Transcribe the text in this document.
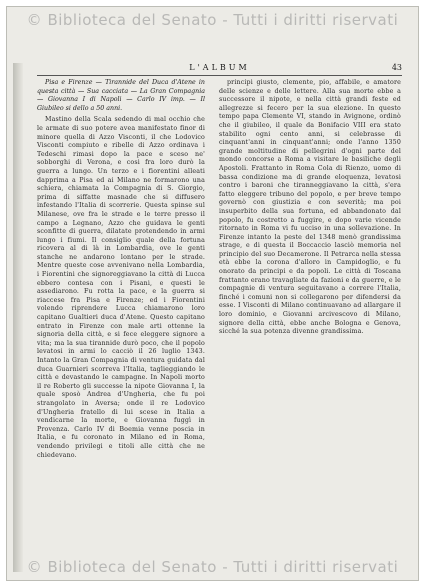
© Biblioteca del Senato - Tutti i diritti riservati
L'ALBUM	43

Pisa e Firenze — Tirannide del Duca d'Atene in questa città — Sua cacciata — La Gran Compagnia — Giovanna I di Napoli — Carlo IV imp. — Il Giubileo si dello a 50 anni.

Mastino della Scala sedendo di mal occhio che le armate di suo potere avea manifestato finor di minore quella di Azzo Visconti, il che Lodovico Visconti compiuto e ribelle di Azzo ordinava i Tedeschi rimasi dopo la pace e sceso ne' sobborghi di Verona, e cosi fra loro durò la guerra a lungo. Un terzo e i fiorentini alleati dapprima a Pisa ed ai Milano ne formarono una schiera, chiamata la Compagnia di S. Giorgio, prima di siffatte masnade che si diffusero infestando l'Italia di scorrerie. Questa spinse sul Milanese, ove fra le strade e le terre presso il campo a Legnano, Azzo che guidava le genti sconfitte di guerra, dilatate protendendo in armi lungo i fiumi. Il consiglio quale della fortuna ricovera al di là in Lombardia, ove le genti stanche ne andarono lontano per le strade. Mentre queste cose avvenivano nella Lombardia, i Fiorentini che signoreggiavano la città di Lucca ebbero contesa con i Pisani, e questi le assediarono. Fu rotta la pace, e la guerra si riaccese fra Pisa e Firenze; ed i Fiorentini volendo riprendere Lucca chiamarono loro capitano Gualtieri duca d'Atene. Questo capitano entrato in Firenze con male arti ottenne la signoria della città, e si fece eleggere signore a vita; ma la sua tirannide durò poco, che il popolo levatosi in armi lo cacciò il 26 luglio 1343. Intanto la Gran Compagnia di ventura guidata dal duca Guarnieri scorreva l'Italia, taglieggiando le città e devastando le campagne. In Napoli morto il re Roberto gli successe la nipote Giovanna I, la quale sposò Andrea d'Ungheria, che fu poi strangolato in Aversa; onde il re Lodovico d'Ungheria fratello di lui scese in Italia a vendicarne la morte, e Giovanna fuggì in Provenza. Carlo IV di Boemia venne poscia in Italia, e fu coronato in Milano ed in Roma, vendendo privilegi e titoli alle città che ne chiedevano.

principi giusto, clemente, pio, affabile, e amatore delle scienze e delle lettere. Alla sua morte ebbe a successore il nipote, e nella città grandi feste ed allegrezze si fecero per la sua elezione. In questo tempo papa Clemente VI, stando in Avignone, ordinò che il giubileo, il quale da Bonifacio VIII era stato stabilito ogni cento anni, si celebrasse di cinquant'anni in cinquant'anni; onde l'anno 1350 grande moltitudine di pellegrini d'ogni parte del mondo concorse a Roma a visitare le basiliche degli Apostoli. Frattanto in Roma Cola di Rienzo, uomo di bassa condizione ma di grande eloquenza, levatosi contro i baroni che tiranneggiavano la città, s'era fatto eleggere tribuno del popolo, e per breve tempo governò con giustizia e con severità; ma poi insuperbito della sua fortuna, ed abbandonato dal popolo, fu costretto a fuggire, e dopo varie vicende ritornato in Roma vi fu ucciso in una sollevazione. In Firenze intanto la peste del 1348 menò grandissima strage, e di questa il Boccaccio lasciò memoria nel principio del suo Decamerone. Il Petrarca nella stessa età ebbe la corona d'alloro in Campidoglio, e fu onorato da principi e da popoli. Le città di Toscana frattanto erano travagliate da fazioni e da guerre, e le compagnie di ventura seguitavano a correre l'Italia, finché i comuni non si collegarono per difendersi da esse. I Visconti di Milano continuavano ad allargare il loro dominio, e Giovanni arcivescovo di Milano, signore della città, ebbe anche Bologna e Genova, sicché la sua potenza divenne grandissima.

© Biblioteca del Senato - Tutti i diritti riservati
